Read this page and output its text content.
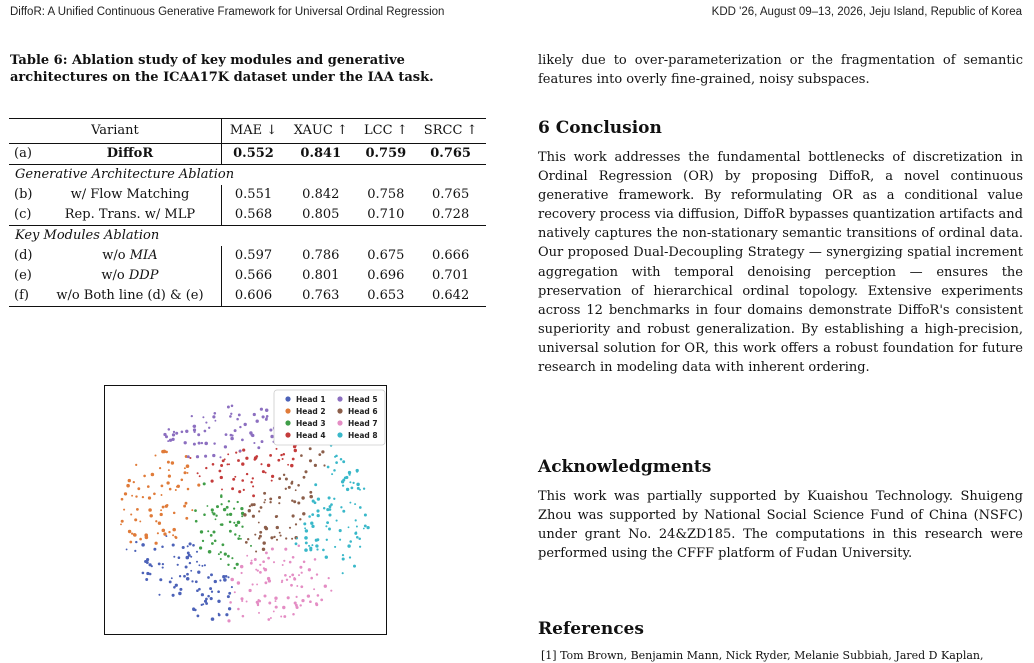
DiffoR: A Unified Continuous Generative Framework for Universal Ordinal Regression	KDD '26, August 09–13, 2026, Jeju Island, Republic of Korea
Table 6: Ablation study of key modules and generative architectures on the ICAA17K dataset under the IAA task.
Variant		MAE ↓	XAUC ↑	LCC ↑	SRCC ↑
(a)	DiffoR	0.552	0.841	0.759	0.765
Generative Architecture Ablation					
(b)	w/ Flow Matching	0.551	0.842	0.758	0.765
(c)	Rep. Trans. w/ MLP	0.568	0.805	0.710	0.728
Key Modules Ablation					
(d)	w/o MIA	0.597	0.786	0.675	0.666
(e)	w/o DDP	0.566	0.801	0.696	0.701
(f)	w/o Both line (d) & (e)	0.606	0.763	0.653	0.642
Head 1
Head 2
Head 3
Head 4
Head 5
Head 6
Head 7
Head 8
likely due to over-parameterization or the fragmentation of semantic features into overly fine-grained, noisy subspaces.
6 Conclusion
This work addresses the fundamental bottlenecks of discretization in Ordinal Regression (OR) by proposing DiffoR, a novel continuous generative framework. By reformulating OR as a conditional value recovery process via diffusion, DiffoR bypasses quantization artifacts and natively captures the non-stationary semantic transitions of ordinal data. Our proposed Dual-Decoupling Strategy — synergizing spatial increment aggregation with temporal denoising perception — ensures the preservation of hierarchical ordinal topology. Extensive experiments across 12 benchmarks in four domains demonstrate DiffoR's consistent superiority and robust generalization. By establishing a high-precision, universal solution for OR, this work offers a robust foundation for future research in modeling data with inherent ordering.
Acknowledgments
This work was partially supported by Kuaishou Technology. Shuigeng Zhou was supported by National Social Science Fund of China (NSFC) under grant No. 24&ZD185. The computations in this research were performed using the CFFF platform of Fudan University.
References
[1] Tom Brown, Benjamin Mann, Nick Ryder, Melanie Subbiah, Jared D Kaplan,
